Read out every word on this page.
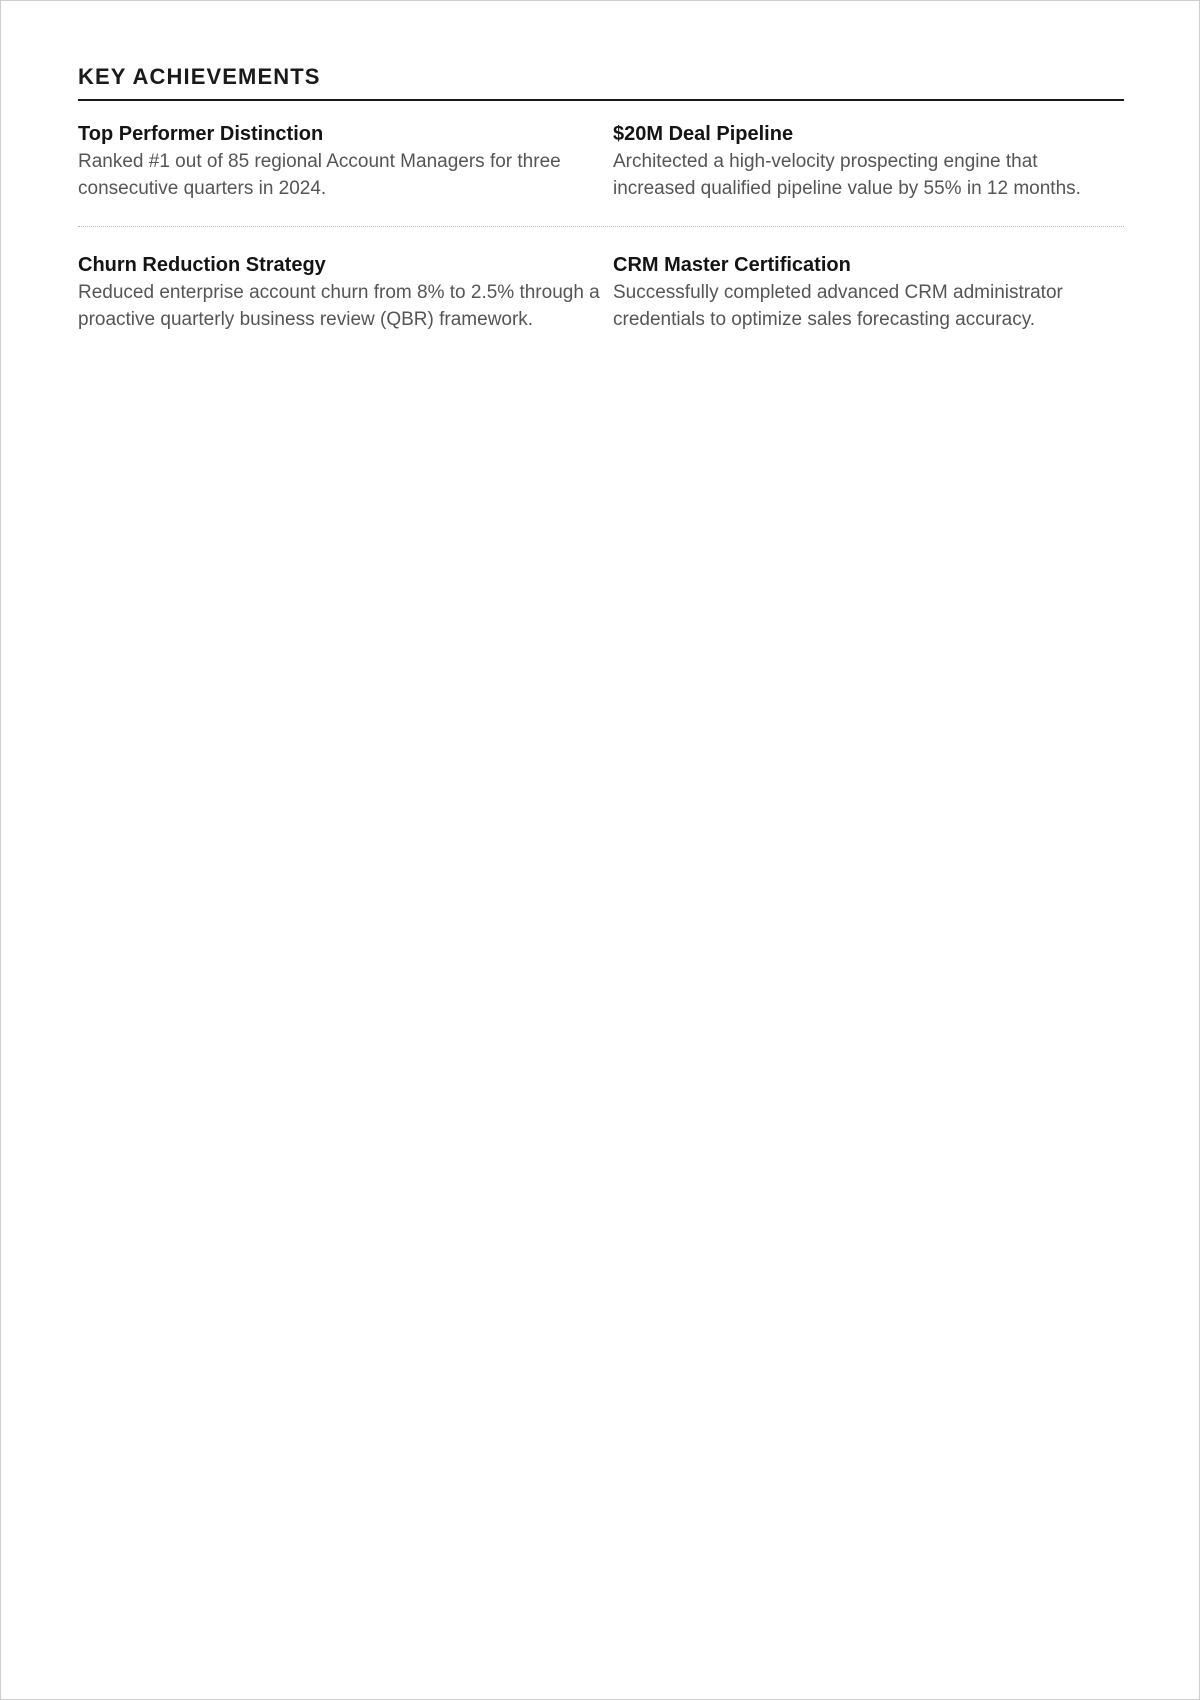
KEY ACHIEVEMENTS
Top Performer Distinction

Ranked #1 out of 85 regional Account Managers for three consecutive quarters in 2024.

$20M Deal Pipeline

Architected a high-velocity prospecting engine that increased qualified pipeline value by 55% in 12 months.

Churn Reduction Strategy

Reduced enterprise account churn from 8% to 2.5% through a proactive quarterly business review (QBR) framework.

CRM Master Certification

Successfully completed advanced CRM administrator credentials to optimize sales forecasting accuracy.
